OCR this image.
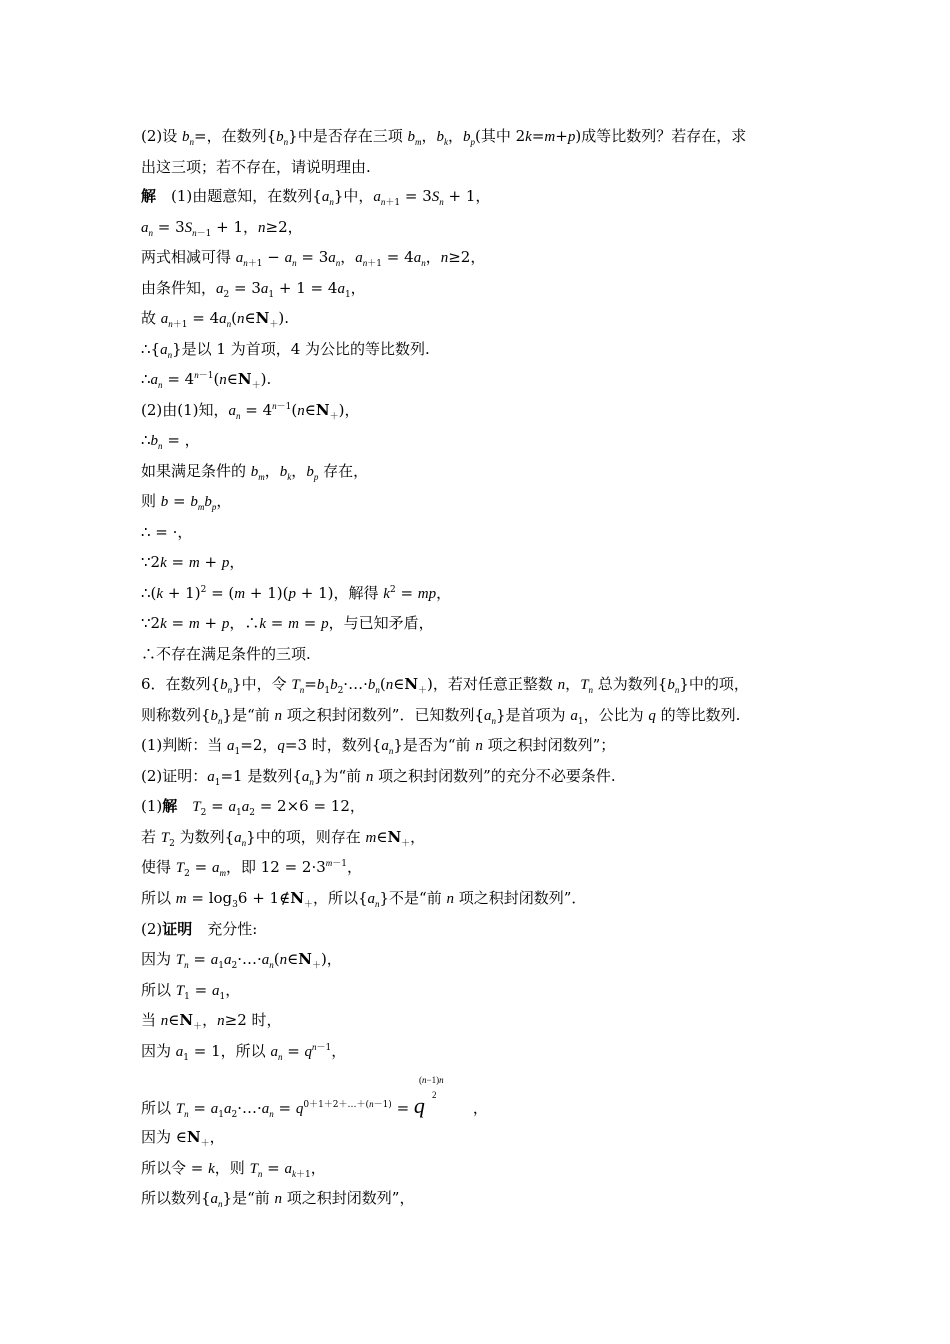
(2)设 $b_n=$，在数列$\{b_n\}$中是否存在三项 $b_m$，$b_k$，$b_p$(其中 2k=m+p)成等比数列？若存在，求
出这三项；若不存在，请说明理由.
解　(1)由题意知，在数列$\{a_n\}$中，$a_{n+1} = 3S_n + 1$，
$a_n = 3S_{n-1} + 1$，n≥2，
两式相减可得 $a_{n+1} - a_n = 3a_n$，$a_{n+1} = 4a_n$，n≥2，
由条件知，$a_2 = 3a_1 + 1 = 4a_1$，
故 $a_{n+1}$ = $4a_n(n\in N_+)$.
$\therefore\{a_n\}$是以 1 为首项，4 为公比的等比数列.
$\therefore a_n$ = $4^{n-1}(n\in N_+)$.
(2)由(1)知，$a_n$ = $4^{n-1}(n\in N_+)$，
$\therefore b_n$ = ，
如果满足条件的 $b_m$，$b_k$，$b_p$ 存在，
则 $b = b_mb_p$，
∴ = ·，
∵2k = m + p，
∴(k + 1)$^2$ = (m + 1)(p + 1)，解得 $k^2$ = mp，
∵2k = m + p，∴k = m = p，与已知矛盾，
∴不存在满足条件的三项.
6．在数列$\{b_n\}$中，令 $T_n=b_1b_2\cdot\dots\cdot b_n(n\in N_+)$，若对任意正整数 n，$T_n$ 总为数列$\{b_n\}$中的项，
则称数列$\{b_n\}$是“前 n 项之积封闭数列”．已知数列$\{a_n\}$是首项为 $a_1$，公比为 q 的等比数列.
(1)判断：当 $a_1=2$，q=3 时，数列$\{a_n\}$是否为“前 n 项之积封闭数列”；
(2)证明：$a_1=1$ 是数列$\{a_n\}$为“前 n 项之积封闭数列”的充分不必要条件.
(1)解　 $T_2 = a_1a_2 = 2\times 6 = 12$，
若 $T_2$ 为数列$\{a_n\}$中的项，则存在 $m\in N_+$，
使得 $T_2 = a_m$，即 $12 = 2\cdot 3^{m-1}$，
所以 $m = \log_36$ + $1\notin N_+$，所以$\{a_n\}$不是“前 n 项之积封闭数列”．
(2)证明　充分性:
因为 $T_n$ = $a_1a_2\cdot\dots\cdot a_n(n\in N_+)$，
所以 $T_1 = a_1$，
当 $n\in N_+$，n≥2 时，
因为 $a_1 = 1$，所以 $a_n = q^{n-1}$，
所以 $T_n$ = $a_1a_2\cdot\dots\cdot a_n = q^{0+1+2+\dots+(n-1)} = q$	，
(n−1)n
2
因为 $\in N_+$，
所以令 = k，则 $T_n = a_{k+1}$，
所以数列$\{a_n\}$是“前 n 项之积封闭数列”，
